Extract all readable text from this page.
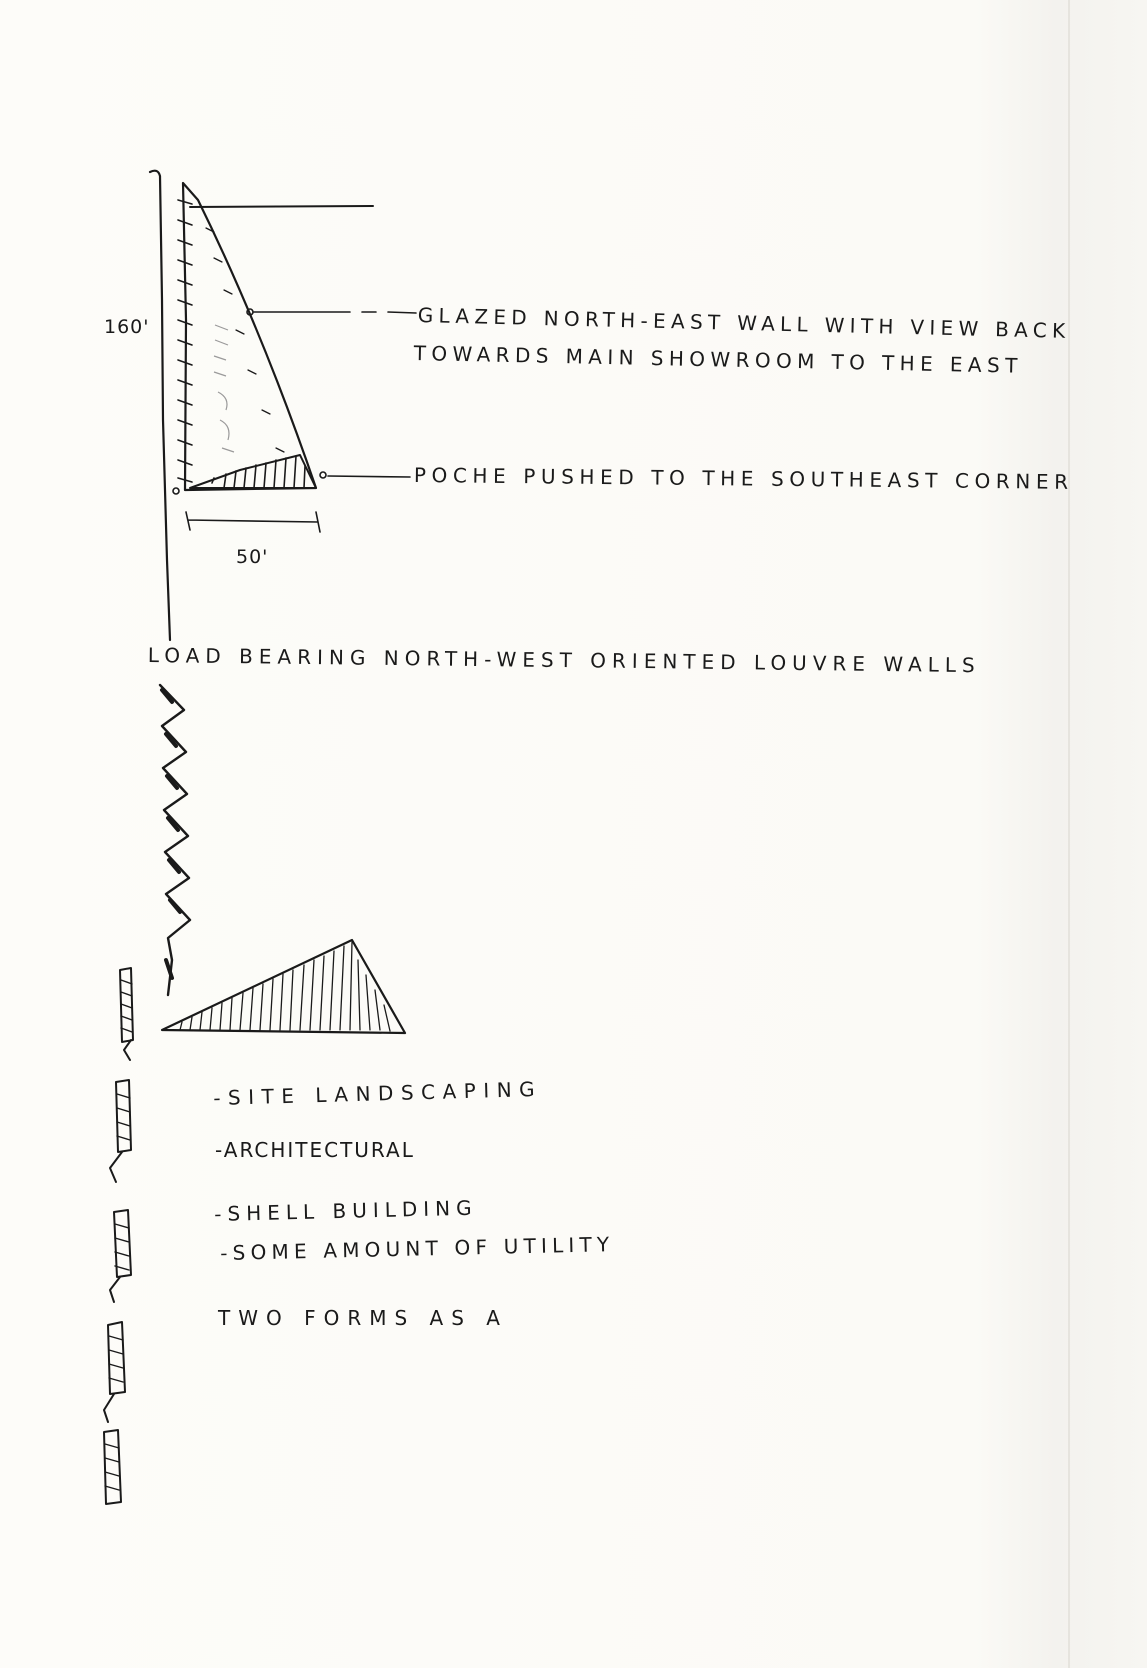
160'
50'
GLAZED NORTH-EAST WALL WITH VIEW BACK
TOWARDS MAIN SHOWROOM TO THE EAST
POCHE PUSHED TO THE SOUTHEAST CORNER
LOAD BEARING NORTH-WEST ORIENTED LOUVRE WALLS
-SITE LANDSCAPING
-ARCHITECTURAL
-SHELL BUILDING
-SOME AMOUNT OF UTILITY
TWO FORMS AS A
